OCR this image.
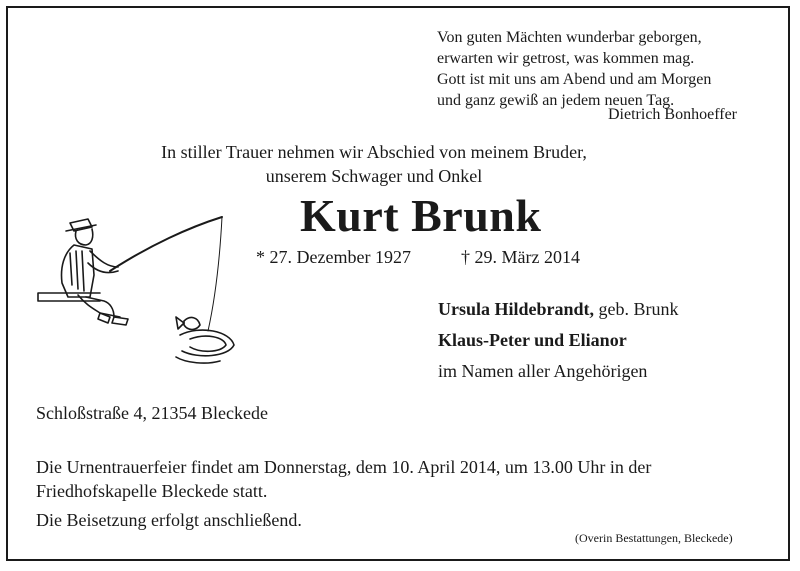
Von guten Mächten wunderbar geborgen,
erwarten wir getrost, was kommen mag.
Gott ist mit uns am Abend und am Morgen
und ganz gewiß an jedem neuen Tag.
Dietrich Bonhoeffer
In stiller Trauer nehmen wir Abschied von meinem Bruder,
unserem Schwager und Onkel
Kurt Brunk
* 27. Dezember 1927	† 29. März 2014
Ursula Hildebrandt, geb. Brunk
Klaus-Peter und Elianor
im Namen aller Angehörigen
Schloßstraße 4, 21354 Bleckede
Die Urnentrauerfeier findet am Donnerstag, dem 10. April 2014, um 13.00 Uhr in der
Friedhofskapelle Bleckede statt.
Die Beisetzung erfolgt anschließend.
(Overin Bestattungen, Bleckede)
